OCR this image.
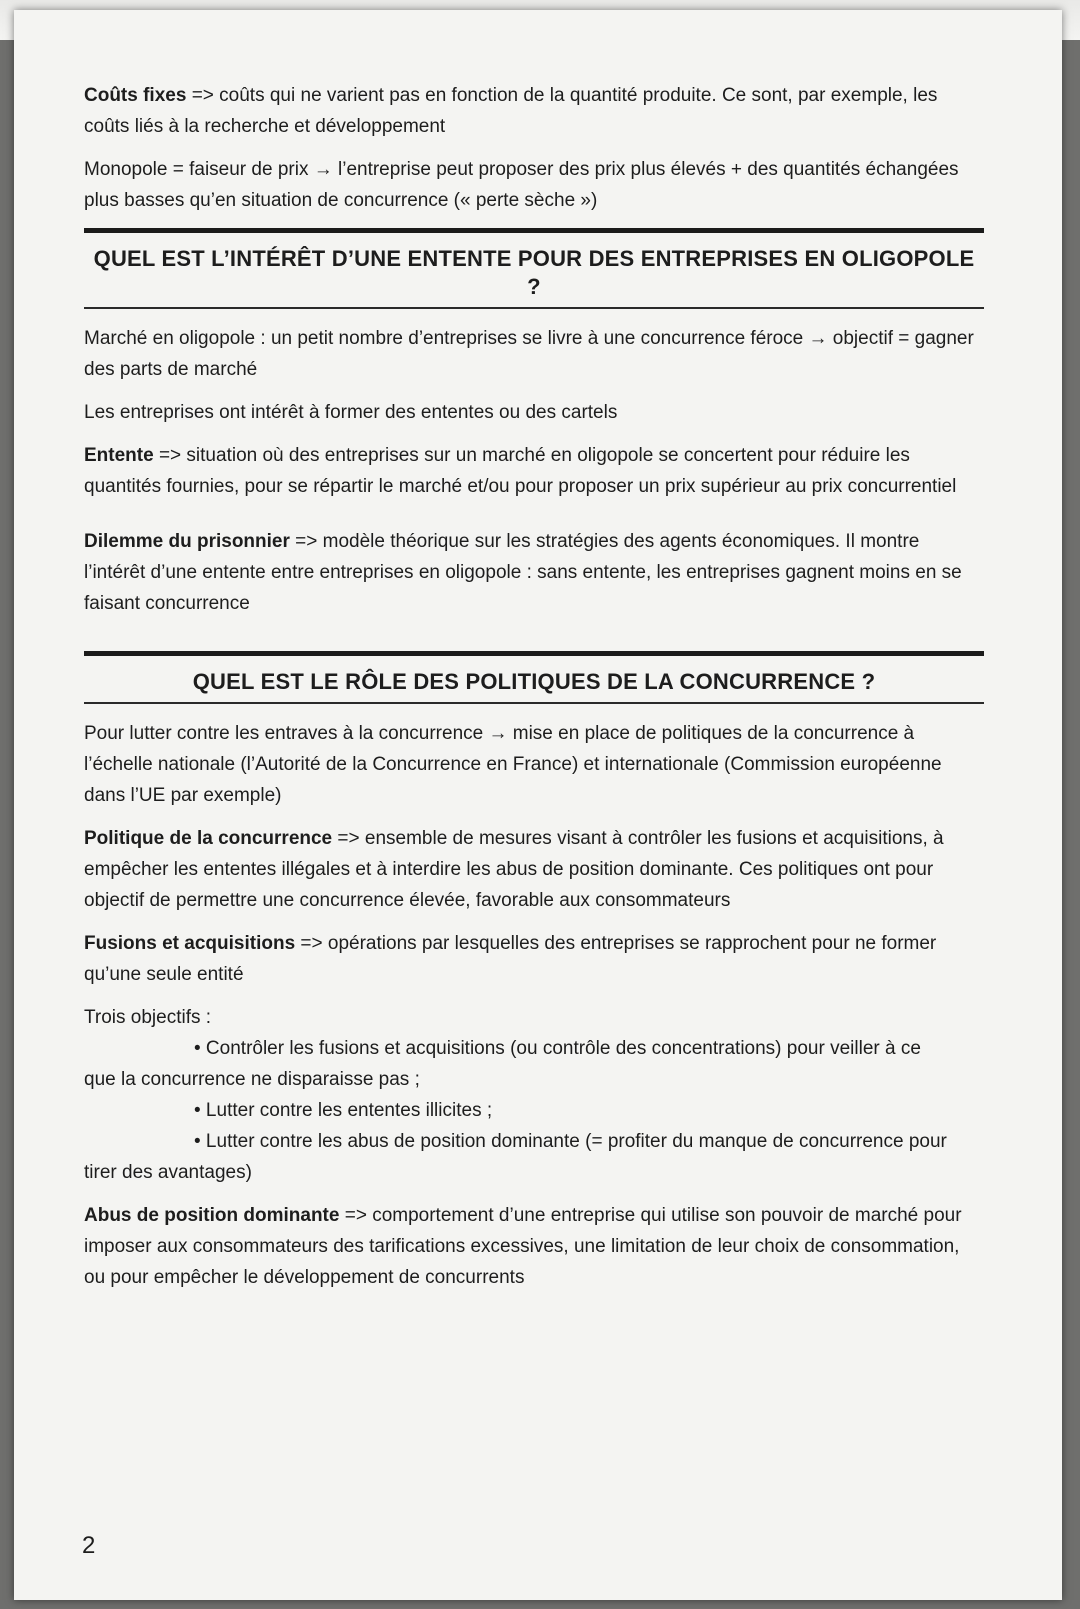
Coûts fixes => coûts qui ne varient pas en fonction de la quantité produite. Ce sont, par exemple, les coûts liés à la recherche et développement

Monopole = faiseur de prix → l’entreprise peut proposer des prix plus élevés + des quantités échangées plus basses qu’en situation de concurrence (« perte sèche »)

QUEL EST L’INTÉRÊT D’UNE ENTENTE POUR DES ENTREPRISES EN OLIGOPOLE ?

Marché en oligopole : un petit nombre d’entreprises se livre à une concurrence féroce → objectif = gagner des parts de marché

Les entreprises ont intérêt à former des ententes ou des cartels

Entente => situation où des entreprises sur un marché en oligopole se concertent pour réduire les quantités fournies, pour se répartir le marché et/ou pour proposer un prix supérieur au prix concurrentiel

Dilemme du prisonnier => modèle théorique sur les stratégies des agents économiques. Il montre l’intérêt d’une entente entre entreprises en oligopole : sans entente, les entreprises gagnent moins en se faisant concurrence

QUEL EST LE RÔLE DES POLITIQUES DE LA CONCURRENCE ?

Pour lutter contre les entraves à la concurrence → mise en place de politiques de la concurrence à l’échelle nationale (l’Autorité de la Concurrence en France) et internationale (Commission européenne dans l’UE par exemple)

Politique de la concurrence => ensemble de mesures visant à contrôler les fusions et acquisitions, à empêcher les ententes illégales et à interdire les abus de position dominante. Ces politiques ont pour objectif de permettre une concurrence élevée, favorable aux consommateurs

Fusions et acquisitions => opérations par lesquelles des entreprises se rapprochent pour ne former qu’une seule entité

Trois objectifs :
• Contrôler les fusions et acquisitions (ou contrôle des concentrations) pour veiller à ce
que la concurrence ne disparaisse pas ;
• Lutter contre les ententes illicites ;
• Lutter contre les abus de position dominante (= profiter du manque de concurrence pour
tirer des avantages)

Abus de position dominante => comportement d’une entreprise qui utilise son pouvoir de marché pour imposer aux consommateurs des tarifications excessives, une limitation de leur choix de consommation, ou pour empêcher le développement de concurrents

2
